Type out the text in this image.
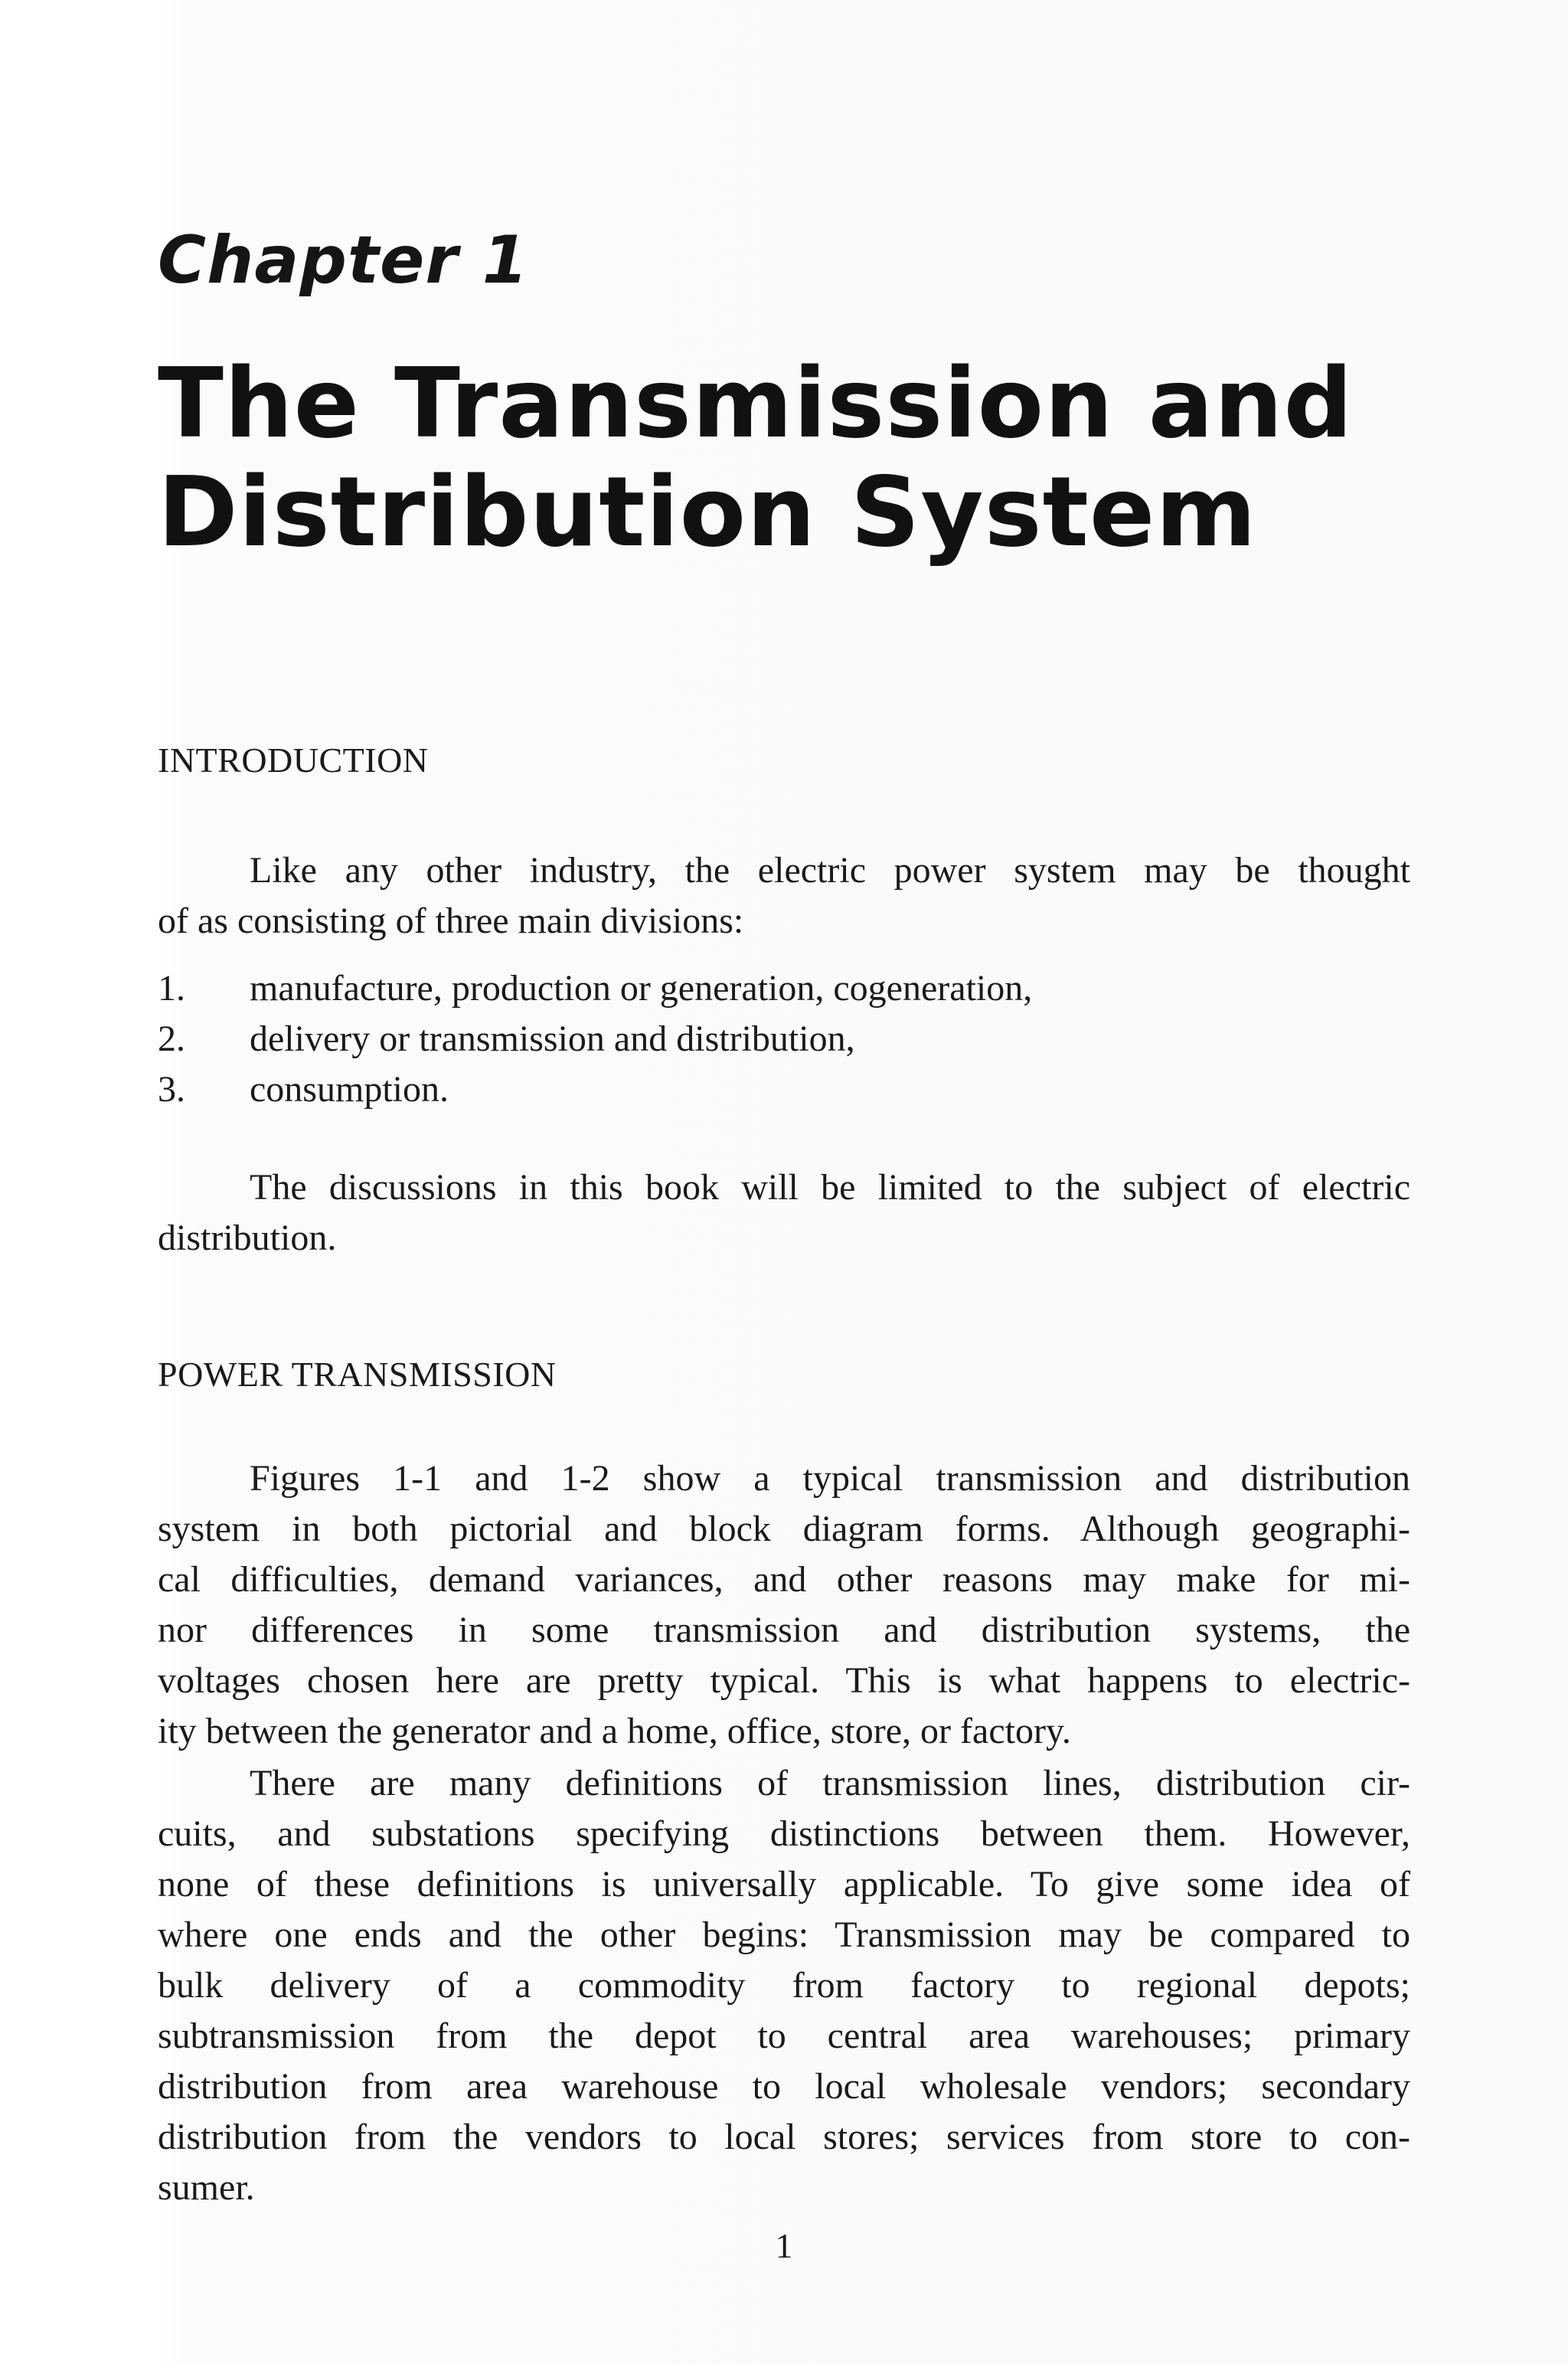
Chapter 1
The Transmission and
Distribution System
INTRODUCTION

Like any other industry, the electric power system may be thought
of as consisting of three main divisions:

1. manufacture, production or generation, cogeneration,
2. delivery or transmission and distribution,
3. consumption.

The discussions in this book will be limited to the subject of electric
distribution.

POWER TRANSMISSION

Figures 1-1 and 1-2 show a typical transmission and distribution
system in both pictorial and block diagram forms. Although geographi-
cal difficulties, demand variances, and other reasons may make for mi-
nor differences in some transmission and distribution systems, the
voltages chosen here are pretty typical. This is what happens to electric-
ity between the generator and a home, office, store, or factory.

There are many definitions of transmission lines, distribution cir-
cuits, and substations specifying distinctions between them. However,
none of these definitions is universally applicable. To give some idea of
where one ends and the other begins: Transmission may be compared to
bulk delivery of a commodity from factory to regional depots;
subtransmission from the depot to central area warehouses; primary
distribution from area warehouse to local wholesale vendors; secondary
distribution from the vendors to local stores; services from store to con-
sumer.

1
